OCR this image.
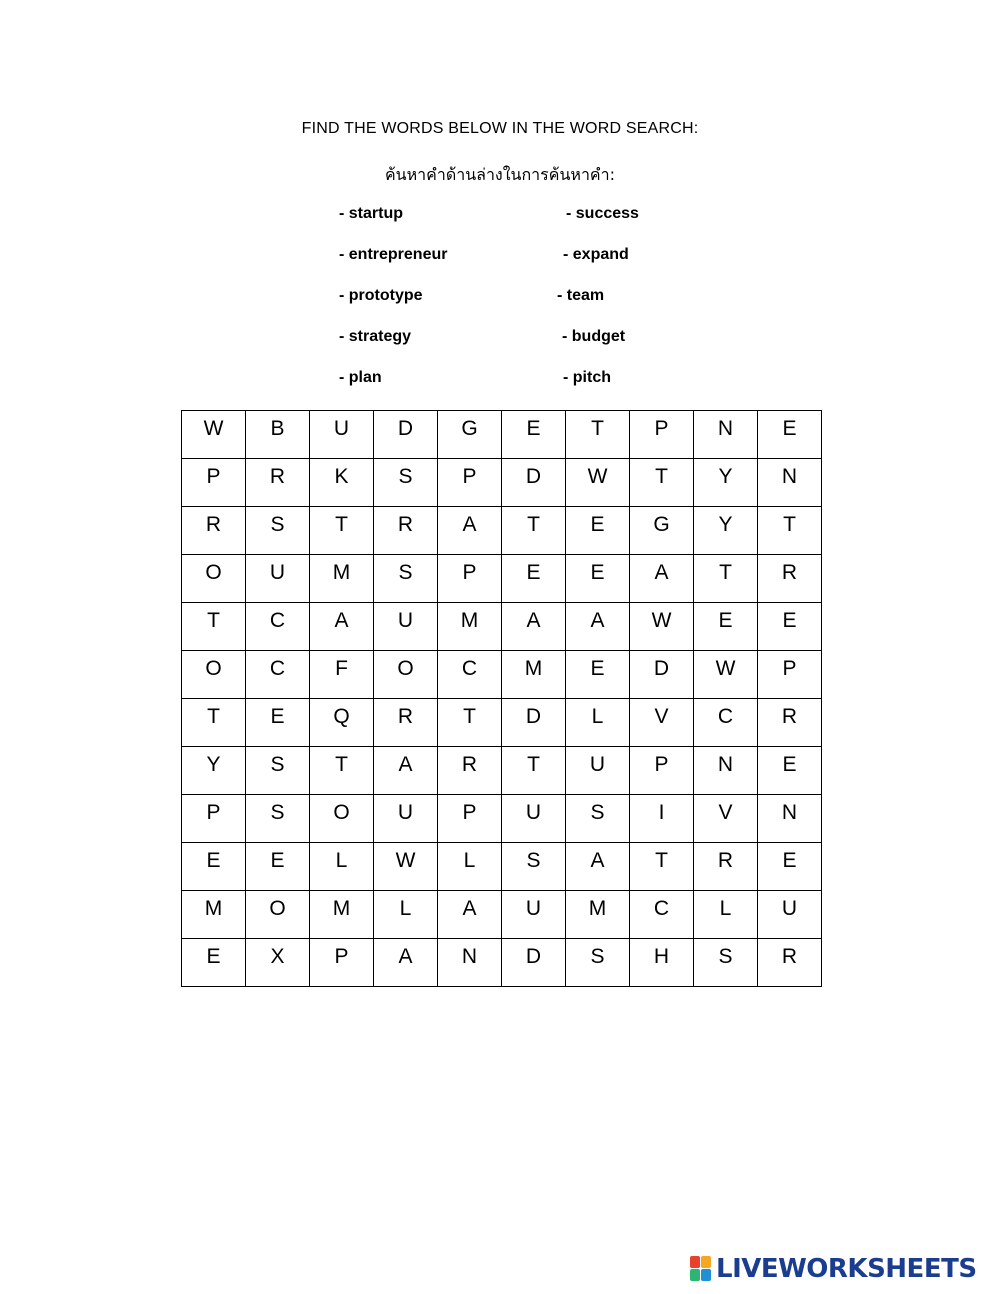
FIND THE WORDS BELOW IN THE WORD SEARCH:
ค้นหาคำด้านล่างในการค้นหาคำ:
- startup
- entrepreneur
- prototype
- strategy
- plan
- success
- expand
- team
- budget
- pitch
W	B	U	D	G	E	T	P	N	E
P	R	K	S	P	D	W	T	Y	N
R	S	T	R	A	T	E	G	Y	T
O	U	M	S	P	E	E	A	T	R
T	C	A	U	M	A	A	W	E	E
O	C	F	O	C	M	E	D	W	P
T	E	Q	R	T	D	L	V	C	R
Y	S	T	A	R	T	U	P	N	E
P	S	O	U	P	U	S	I	V	N
E	E	L	W	L	S	A	T	R	E
M	O	M	L	A	U	M	C	L	U
E	X	P	A	N	D	S	H	S	R
LIVEWORKSHEETS
